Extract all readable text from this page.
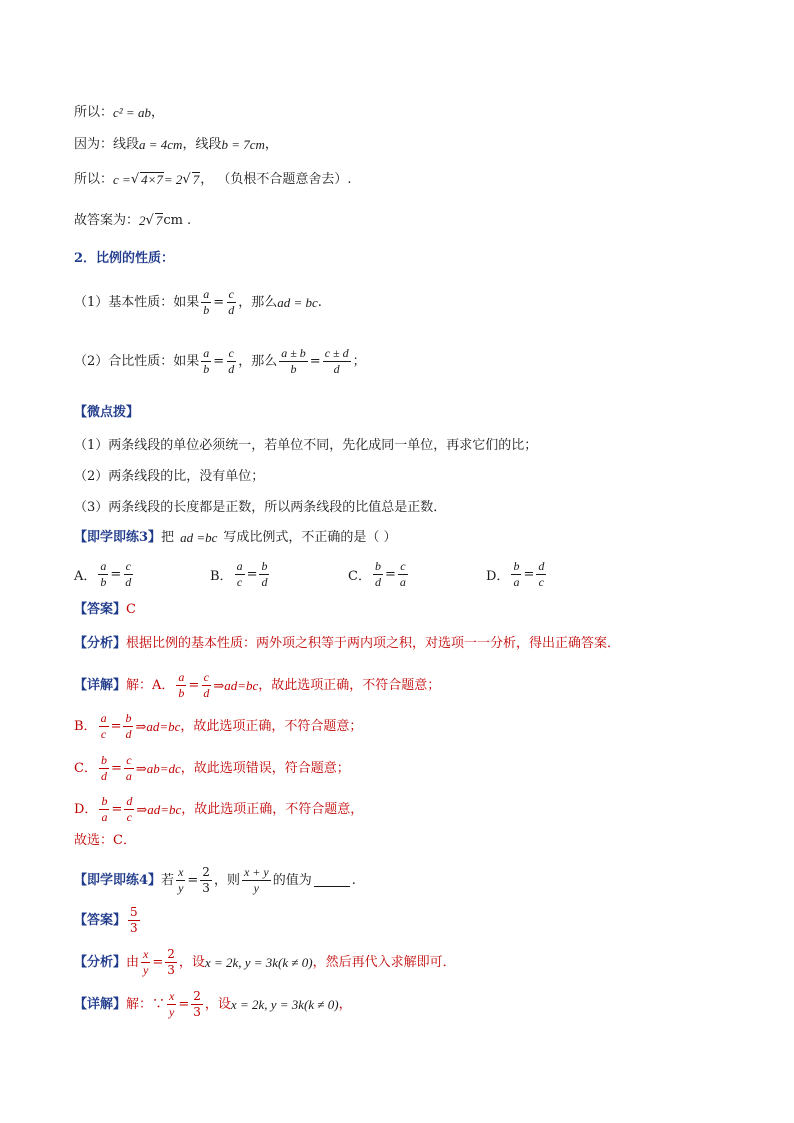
所以： c² = ab ，
因为：线段 a = 4cm ，线段 b = 7cm ，
所以： c = √ 4×7 = 2 √ 7 ， （负根不合题意舍去）.
故答案为： 2 √ 7 cm .
2．比例的性质：
（1）基本性质：如果 $\frac{a}{b} = \frac{c}{d}$ ，那么 ad = bc .
（2）合比性质：如果 $\frac{a}{b} = \frac{c}{d}$ ，那么 $\frac{a \pm b}{b} = \frac{c \pm d}{d}$ ；
【微点拨】
（1）两条线段的单位必须统一，若单位不同，先化成同一单位，再求它们的比；
（2）两条线段的比，没有单位；
（3）两条线段的长度都是正数，所以两条线段的比值总是正数．
【即学即练3】 把 ad =bc 写成比例式，不正确的是（ ）
A． $\frac{a}{b} = \frac{c}{d}$	B． $\frac{a}{c} = \frac{b}{d}$	C． $\frac{b}{d} = \frac{c}{a}$	D． $\frac{b}{a} = \frac{d}{c}$
【答案】 C
【分析】 根据比例的基本性质：两外项之积等于两内项之积，对选项一一分析，得出正确答案．
【详解】 解：A． $\frac{a}{b} = \frac{c}{d}$ ⇒ad=bc ，故此选项正确，不符合题意；
B． $\frac{a}{c} = \frac{b}{d}$ ⇒ad=bc ，故此选项正确，不符合题意；
C． $\frac{b}{d} = \frac{c}{a}$ ⇒ab=dc ，故此选项错误，符合题意；
D． $\frac{b}{a} = \frac{d}{c}$ ⇒ad=bc ，故此选项正确，不符合题意，
故选：C．
【即学即练4】 若 $\frac{x}{y} = \frac{2}{3}$ ，则 $\frac{x + y}{y}$ 的值为	.
【答案】 $\frac{5}{3}$
【分析】 由 $\frac{x}{y} = \frac{2}{3}$ ，设 x = 2k, y = 3k(k ≠ 0) ，然后再代入求解即可．
【详解】 解：∵ $\frac{x}{y} = \frac{2}{3}$ ，设 x = 2k, y = 3k(k ≠ 0) ，
